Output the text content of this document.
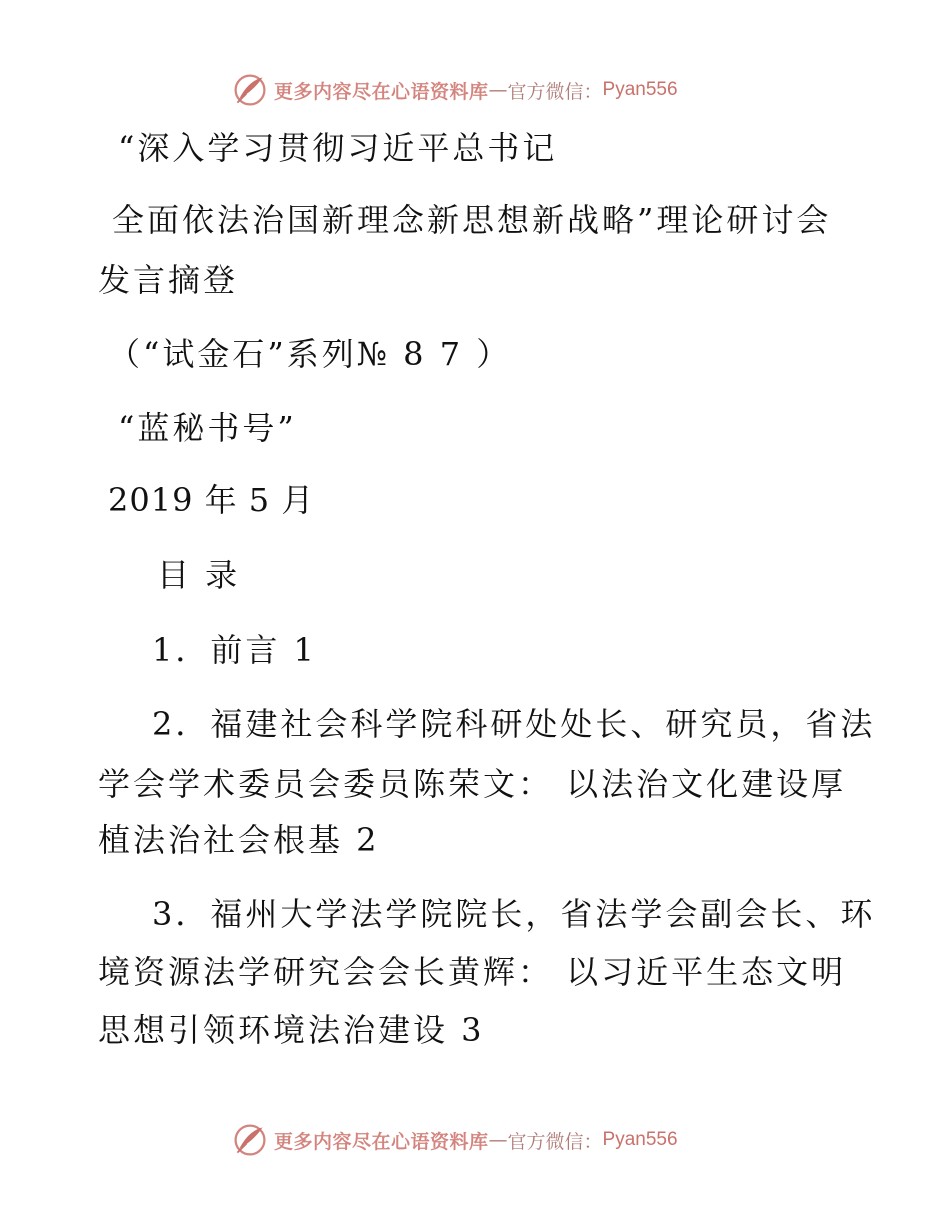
更多内容尽在心语资料库 — 官方微信： Pyan556
“深入学习贯彻习近平总书记
全面依法治国新理念新思想新战略”理论研讨会
发言摘登
（“试金石”系列№ 8 7 ）
“蓝秘书号”
2019 年 5 月
目 录
1．前言 1
2．福建社会科学院科研处处长、研究员，省法
学会学术委员会委员陈荣文： 以法治文化建设厚
植法治社会根基 2
3．福州大学法学院院长，省法学会副会长、环
境资源法学研究会会长黄辉： 以习近平生态文明
思想引领环境法治建设 3
更多内容尽在心语资料库 — 官方微信： Pyan556
